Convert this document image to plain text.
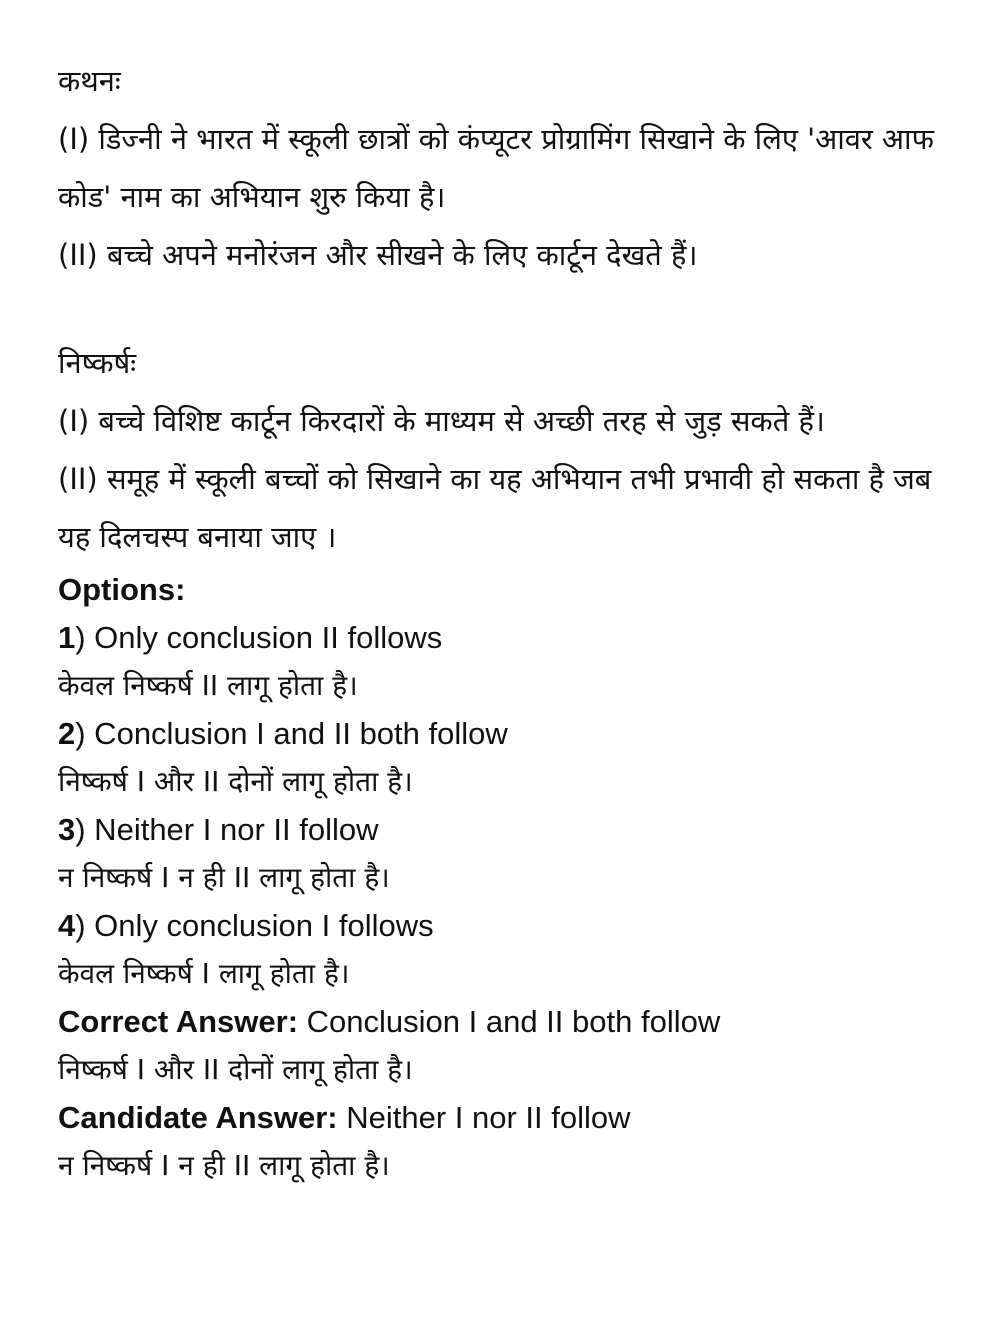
कथनः

(I) डिज्नी ने भारत में स्कूली छात्रों को कंप्यूटर प्रोग्रामिंग सिखाने के लिए 'आवर आफ कोड' नाम का अभियान शुरु किया है।

(II) बच्चे अपने मनोरंजन और सीखने के लिए कार्टून देखते हैं।

निष्कर्षः

(I) बच्चे विशिष्ट कार्टून किरदारों के माध्यम से अच्छी तरह से जुड़ सकते हैं।

(II) समूह में स्कूली बच्चों को सिखाने का यह अभियान तभी प्रभावी हो सकता है जब यह दिलचस्प बनाया जाए ।

Options:

1) Only conclusion II follows

केवल निष्कर्ष II लागू होता है।

2) Conclusion I and II both follow

निष्कर्ष I और II दोनों लागू होता है।

3) Neither I nor II follow

न निष्कर्ष I न ही II लागू होता है।

4) Only conclusion I follows

केवल निष्कर्ष I लागू होता है।

Correct Answer: Conclusion I and II both follow

निष्कर्ष I और II दोनों लागू होता है।

Candidate Answer: Neither I nor II follow

न निष्कर्ष I न ही II लागू होता है।
